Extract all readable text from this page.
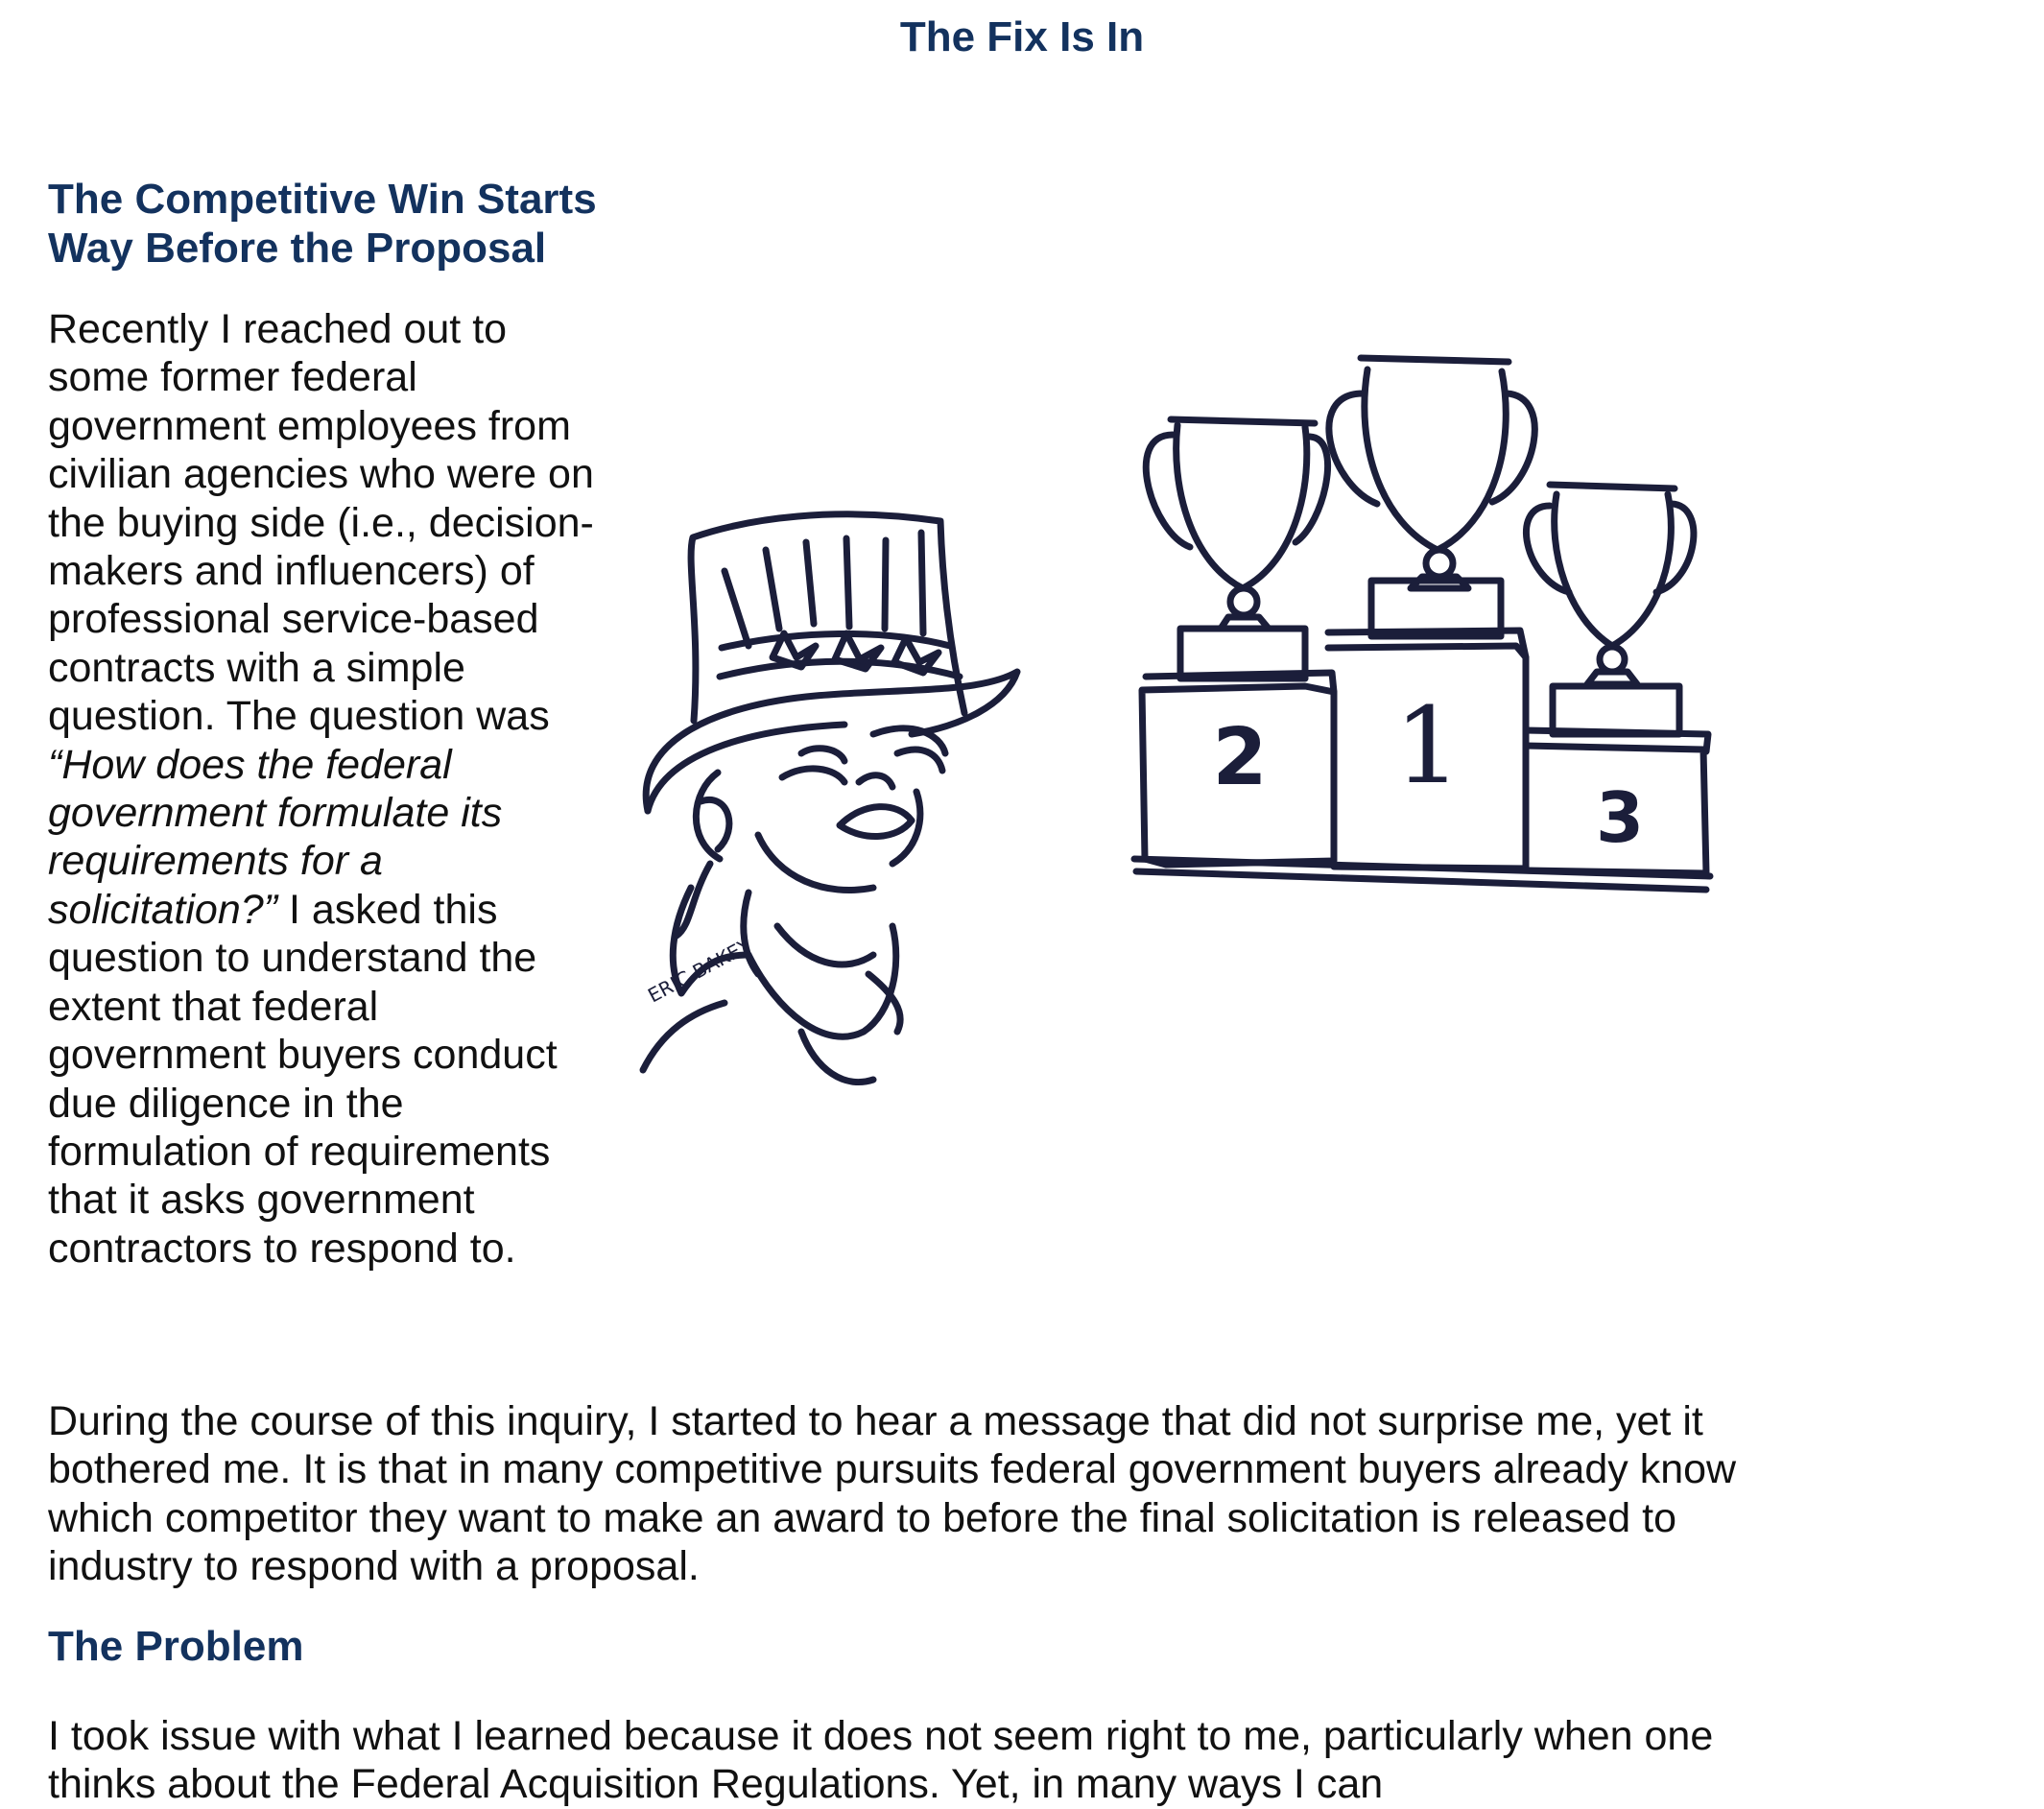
The Fix Is In
The Competitive Win Starts Way Before the Proposal
Recently I reached out to some former federal government employees from civilian agencies who were on the buying side (i.e., decision-makers and influencers) of professional service-based contracts with a simple question. The question was “How does the federal government formulate its requirements for a solicitation?” I asked this question to understand the extent that federal government buyers conduct due diligence in the formulation of requirements that it asks government contractors to respond to.
2 1
3
ERIC BAKEY
During the course of this inquiry, I started to hear a message that did not surprise me, yet it bothered me. It is that in many competitive pursuits federal government buyers already know which competitor they want to make an award to before the final solicitation is released to industry to respond with a proposal.
The Problem
I took issue with what I learned because it does not seem right to me, particularly when one thinks about the Federal Acquisition Regulations. Yet, in many ways I can
